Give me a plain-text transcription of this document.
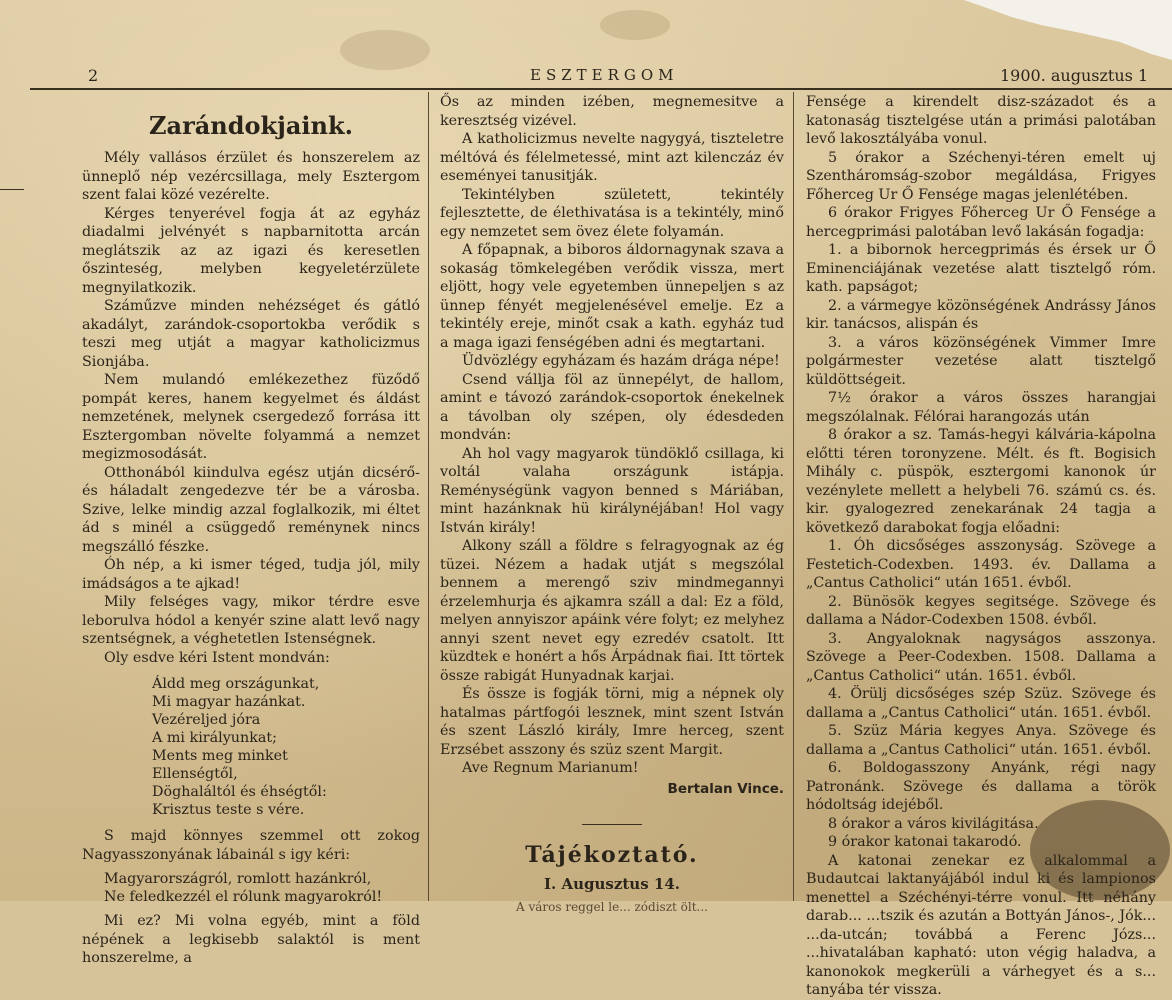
2	ESZTERGOM	1900. augusztus 1
Zarándokjaink.

Mély vallásos érzület és honszerelem az ünneplő nép vezércsillaga, mely Esztergom szent falai közé vezérelte.

Kérges tenyerével fogja át az egyház diadalmi jelvényét s napbarnitotta arcán meglátszik az az igazi és keresetlen őszinteség, melyben kegyeletérzülete megnyilatkozik.

Száműzve minden nehézséget és gátló akadályt, zarándok-csoportokba verődik s teszi meg utját a magyar katholicizmus Sionjába.

Nem mulandó emlékezethez füződő pompát keres, hanem kegyelmet és áldást nemzetének, melynek csergedező forrása itt Esztergomban növelte folyammá a nemzet megizmosodását.

Otthonából kiindulva egész utján dicsérő- és háladalt zengedezve tér be a városba. Szive, lelke mindig azzal foglalkozik, mi éltet ád s minél a csüggedő reménynek nincs megszálló fészke.

Óh nép, a ki ismer téged, tudja jól, mily imádságos a te ajkad!

Mily felséges vagy, mikor térdre esve leborulva hódol a kenyér szine alatt levő nagy szentségnek, a véghetetlen Istenségnek.

Oly esdve kéri Istent mondván:

Áldd meg országunkat,
Mi magyar hazánkat.
Vezéreljed jóra
A mi királyunkat;
Ments meg minket
Ellenségtől,
Döghaláltól és éhségtől:
Krisztus teste s vére.

S majd könnyes szemmel ott zokog Nagyasszonyának lábainál s igy kéri:

Magyarországról, romlott hazánkról,
Ne feledkezzél el rólunk magyarokról!

Mi ez? Mi volna egyéb, mint a föld népének a legkisebb salaktól is ment honszerelme, a

Ős az minden izében, megnemesitve a keresztség vizével.

A katholicizmus nevelte nagygyá, tiszteletre méltóvá és félelmetessé, mint azt kilenczáz év eseményei tanusitják.

Tekintélyben született, tekintély fejlesztette, de élethivatása is a tekintély, minő egy nemzetet sem övez élete folyamán.

A főpapnak, a biboros áldornagynak szava a sokaság tömkelegében verődik vissza, mert eljött, hogy vele egyetemben ünnepeljen s az ünnep fényét megjelenésével emelje. Ez a tekintély ereje, minőt csak a kath. egyház tud a maga igazi fenségében adni és megtartani.

Üdvözlégy egyházam és hazám drága népe!

Csend vállja föl az ünnepélyt, de hallom, amint e távozó zarándok-csoportok énekelnek a távolban oly szépen, oly édesdeden mondván:

Ah hol vagy magyarok tündöklő csillaga, ki voltál valaha országunk istápja. Reménységünk vagyon benned s Máriában, mint hazánknak hü királynéjában! Hol vagy István király!

Alkony száll a földre s felragyognak az ég tüzei. Nézem a hadak utját s megszólal bennem a merengő sziv mindmegannyi érzelemhurja és ajkamra száll a dal: Ez a föld, melyen annyiszor apáink vére folyt; ez melyhez annyi szent nevet egy ezredév csatolt. Itt küzdtek e honért a hős Árpádnak fiai. Itt törtek össze rabigát Hunyadnak karjai.

És össze is fogják törni, mig a népnek oly hatalmas pártfogói lesznek, mint szent István és szent László király, Imre herceg, szent Erzsébet asszony és szüz szent Margit.

Ave Regnum Marianum!

Bertalan Vince.
Tájékoztató.
I. Augusztus 14.
A város reggel le... zódiszt ölt...

Fensége a kirendelt disz-századot és a katonaság tisztelgése után a primási palotában levő lakosztályába vonul.

5 órakor a Széchenyi-téren emelt uj Szentháromság-szobor megáldása, Frigyes Főherceg Ur Ő Fensége magas jelenlétében.

6 órakor Frigyes Főherceg Ur Ő Fensége a hercegprimási palotában levő lakásán fogadja:

1. a bibornok hercegprimás és érsek ur Ő Eminenciájának vezetése alatt tisztelgő róm. kath. papságot;

2. a vármegye közönségének Andrássy János kir. tanácsos, alispán és

3. a város közönségének Vimmer Imre polgármester vezetése alatt tisztelgő küldöttségeit.

7½ órakor a város összes harangjai megszólalnak. Félórai harangozás után

8 órakor a sz. Tamás-hegyi kálvária-kápolna előtti téren toronyzene. Mélt. és ft. Bogisich Mihály c. püspök, esztergomi kanonok úr vezénylete mellett a helybeli 76. számú cs. és. kir. gyalogezred zenekarának 24 tagja a következő darabokat fogja előadni:

1. Óh dicsőséges asszonyság. Szövege a Festetich-Codexben. 1493. év. Dallama a „Cantus Catholici“ után 1651. évből.

2. Bünösök kegyes segitsége. Szövege és dallama a Nádor-Codexben 1508. évből.

3. Angyaloknak nagyságos asszonya. Szövege a Peer-Codexben. 1508. Dallama a „Cantus Catholici“ után. 1651. évből.

4. Örülj dicsőséges szép Szüz. Szövege és dallama a „Cantus Catholici“ után. 1651. évből.

5. Szüz Mária kegyes Anya. Szövege és dallama a „Cantus Catholici“ után. 1651. évből.

6. Boldogasszony Anyánk, régi nagy Patronánk. Szövege és dallama a török hódoltság idejéből.

8 órakor a város kivilágitása.

9 órakor katonai takarodó.

A katonai zenekar ez alkalommal a Budautcai laktanyájából indul ki és lampionos menettel a Széchényi-térre vonul. Itt néhány darab... ...tszik és azután a Bottyán János-, Jók... ...da-utcán; továbbá a Ferenc Józs... ...hivatalában kapható: uton végig haladva, a kanonokok megkerüli a várhegyet és a s... tanyába tér vissza.
